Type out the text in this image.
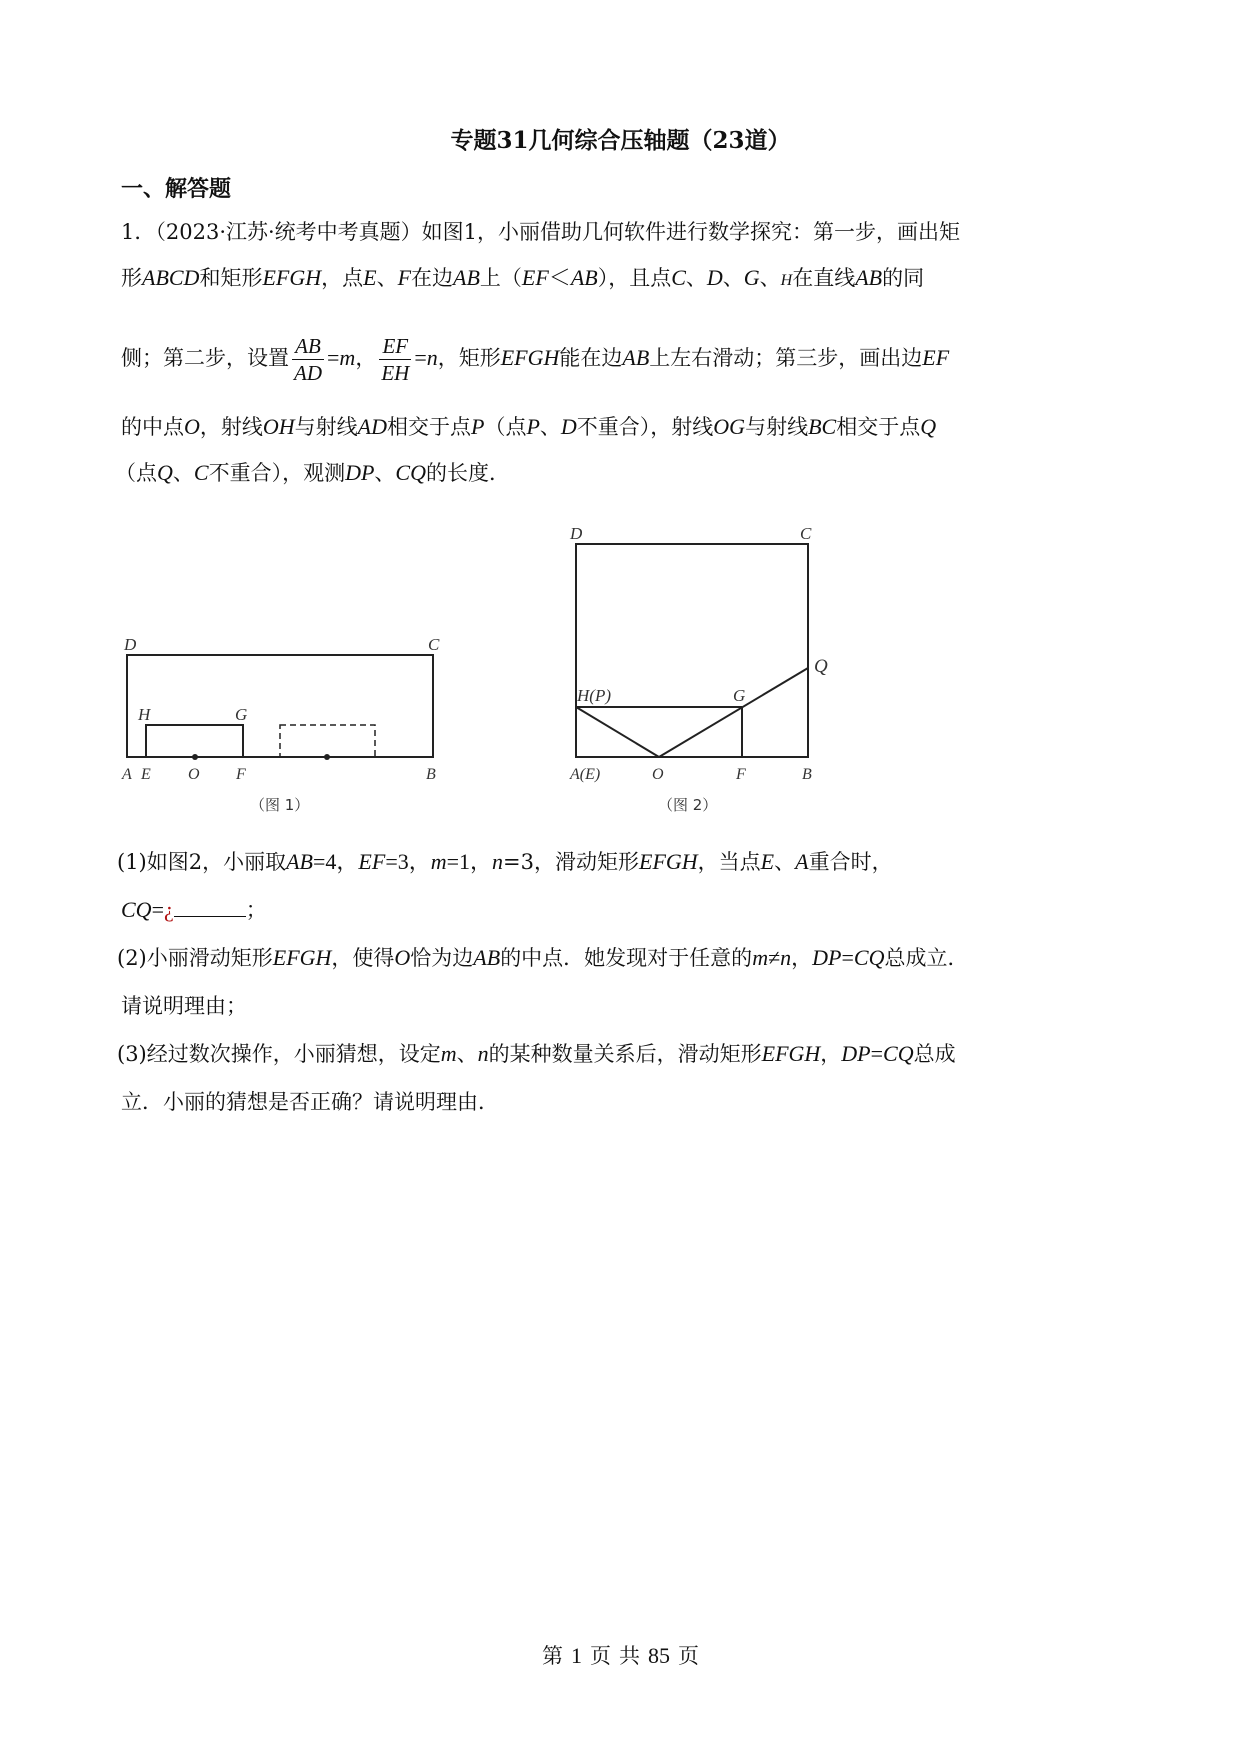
专题31几何综合压轴题（23道）
一、解答题
1．（2023·江苏·统考中考真题）如图1，小丽借助几何软件进行数学探究：第一步，画出矩
形ABCD和矩形EFGH，点E、F在边AB上（EF＜AB），且点C、D、G、H在直线AB的同
侧；第二步，设置 $\frac{AB}{AD} =m$， $\frac{EF}{EH} =n$，矩形EFGH能在边AB上左右滑动；第三步，画出边EF
的中点O，射线OH与射线AD相交于点P（点P、D不重合），射线OG与射线BC相交于点Q
（点Q、C不重合），观测DP、CQ的长度．
D	C
H	G
A E O F	B
（图 1）
D	C
H(P)	G
Q
A(E)	O	F	B
（图 2）
(1)如图2，小丽取AB=4，EF=3，m=1，n=3，滑动矩形EFGH，当点E、A重合时，
CQ=¿	；
(2)小丽滑动矩形EFGH，使得O恰为边AB的中点．她发现对于任意的m≠n，DP=CQ总成立．
请说明理由；
(3)经过数次操作，小丽猜想，设定m、n的某种数量关系后，滑动矩形EFGH，DP=CQ总成
立．小丽的猜想是否正确？请说明理由．
第 1 页 共 85 页
